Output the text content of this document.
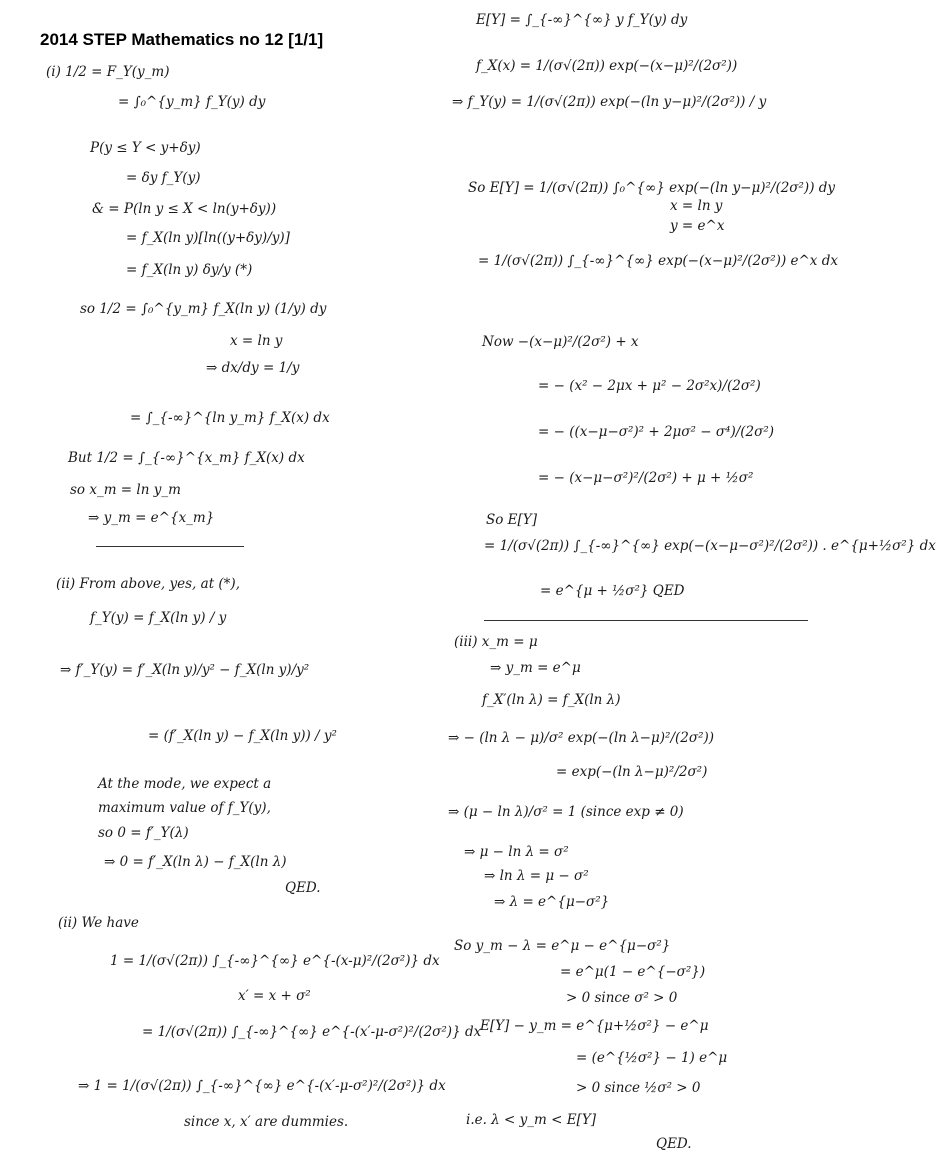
2014 STEP Mathematics no 12 [1/1]
(i) 1/2 = F_Y(y_m)
= ∫₀^{y_m} f_Y(y) dy
P(y ≤ Y < y+δy)
= δy f_Y(y)
& = P(ln y ≤ X < ln(y+δy))
= f_X(ln y)[ln((y+δy)/y)]
= f_X(ln y) δy/y (*)
so 1/2 = ∫₀^{y_m} f_X(ln y) (1/y) dy
x = ln y
⇒ dx/dy = 1/y
= ∫_{-∞}^{ln y_m} f_X(x) dx
But 1/2 = ∫_{-∞}^{x_m} f_X(x) dx
so x_m = ln y_m
⇒ y_m = e^{x_m}
(ii) From above, yes, at (*),
f_Y(y) = f_X(ln y) / y
⇒ f′_Y(y) = f′_X(ln y)/y² − f_X(ln y)/y²
= (f′_X(ln y) − f_X(ln y)) / y²
At the mode, we expect a
maximum value of f_Y(y),
so 0 = f′_Y(λ)
⇒ 0 = f′_X(ln λ) − f_X(ln λ)
QED.
(ii) We have
1 = 1/(σ√(2π)) ∫_{-∞}^{∞} e^{-(x-μ)²/(2σ²)} dx
x′ = x + σ²
= 1/(σ√(2π)) ∫_{-∞}^{∞} e^{-(x′-μ-σ²)²/(2σ²)} dx
⇒ 1 = 1/(σ√(2π)) ∫_{-∞}^{∞} e^{-(x′-μ-σ²)²/(2σ²)} dx
since x, x′ are dummies.
E[Y] = ∫_{-∞}^{∞} y f_Y(y) dy
f_X(x) = 1/(σ√(2π)) exp(−(x−μ)²/(2σ²))
⇒ f_Y(y) = 1/(σ√(2π)) exp(−(ln y−μ)²/(2σ²)) / y
So E[Y] = 1/(σ√(2π)) ∫₀^{∞} exp(−(ln y−μ)²/(2σ²)) dy
x = ln y
y = e^x
= 1/(σ√(2π)) ∫_{-∞}^{∞} exp(−(x−μ)²/(2σ²)) e^x dx
Now −(x−μ)²/(2σ²) + x
= − (x² − 2μx + μ² − 2σ²x)/(2σ²)
= − ((x−μ−σ²)² + 2μσ² − σ⁴)/(2σ²)
= − (x−μ−σ²)²/(2σ²) + μ + ½σ²
So E[Y]
= 1/(σ√(2π)) ∫_{-∞}^{∞} exp(−(x−μ−σ²)²/(2σ²)) . e^{μ+½σ²} dx
= e^{μ + ½σ²} QED
(iii) x_m = μ
⇒ y_m = e^μ
f_X′(ln λ) = f_X(ln λ)
⇒ − (ln λ − μ)/σ² exp(−(ln λ−μ)²/(2σ²))
= exp(−(ln λ−μ)²/2σ²)
⇒ (μ − ln λ)/σ² = 1 (since exp ≠ 0)
⇒ μ − ln λ = σ²
⇒ ln λ = μ − σ²
⇒ λ = e^{μ−σ²}
So y_m − λ = e^μ − e^{μ−σ²}
= e^μ(1 − e^{−σ²})
> 0 since σ² > 0
E[Y] − y_m = e^{μ+½σ²} − e^μ
= (e^{½σ²} − 1) e^μ
> 0 since ½σ² > 0
i.e. λ < y_m < E[Y]
QED.
